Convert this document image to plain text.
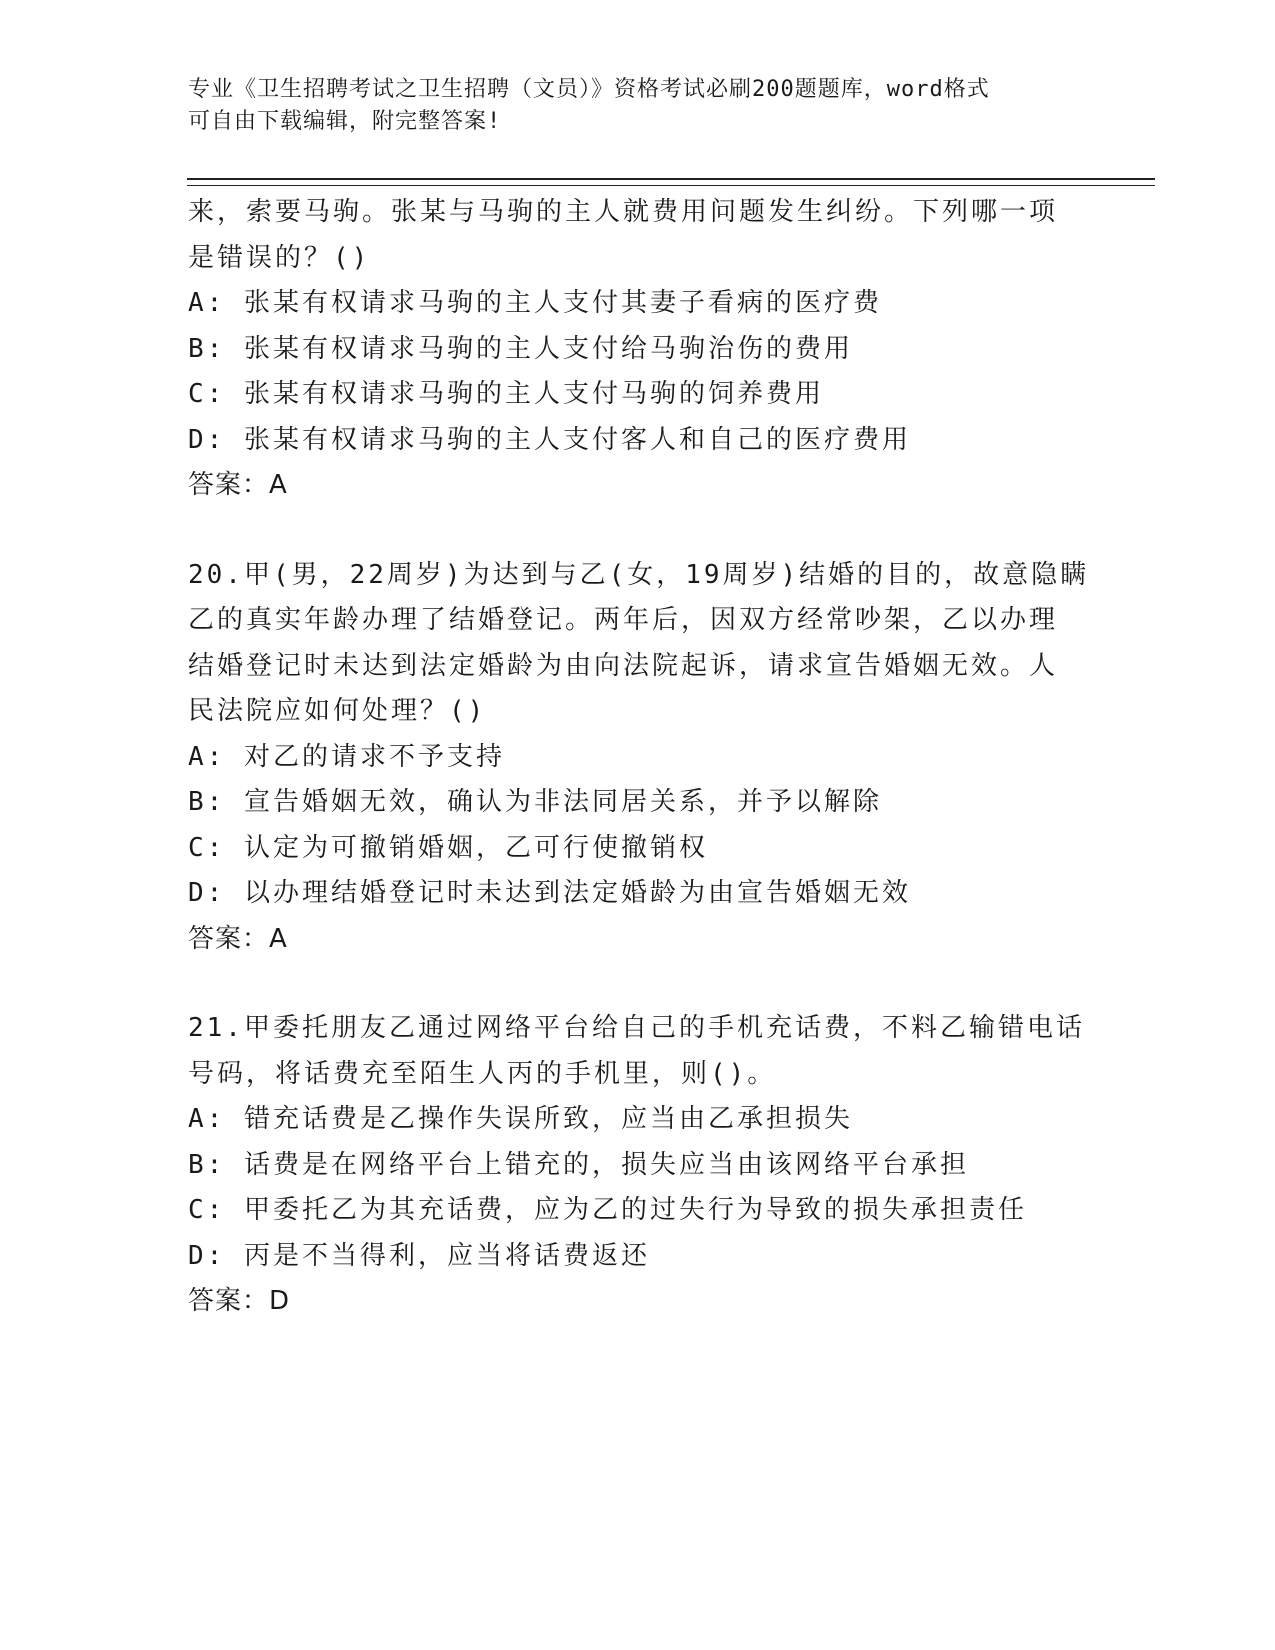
专业《卫生招聘考试之卫生招聘（文员）》资格考试必刷200题题库，word格式
可自由下载编辑，附完整答案!
来，索要马驹。张某与马驹的主人就费用问题发生纠纷。下列哪一项
是错误的？()
A: 张某有权请求马驹的主人支付其妻子看病的医疗费
B: 张某有权请求马驹的主人支付给马驹治伤的费用
C: 张某有权请求马驹的主人支付马驹的饲养费用
D: 张某有权请求马驹的主人支付客人和自己的医疗费用
答案：A
20.甲(男，22周岁)为达到与乙(女，19周岁)结婚的目的，故意隐瞒
乙的真实年龄办理了结婚登记。两年后，因双方经常吵架，乙以办理
结婚登记时未达到法定婚龄为由向法院起诉，请求宣告婚姻无效。人
民法院应如何处理？()
A: 对乙的请求不予支持
B: 宣告婚姻无效，确认为非法同居关系，并予以解除
C: 认定为可撤销婚姻，乙可行使撤销权
D: 以办理结婚登记时未达到法定婚龄为由宣告婚姻无效
答案：A
21.甲委托朋友乙通过网络平台给自己的手机充话费，不料乙输错电话
号码，将话费充至陌生人丙的手机里，则()。
A: 错充话费是乙操作失误所致，应当由乙承担损失
B: 话费是在网络平台上错充的，损失应当由该网络平台承担
C: 甲委托乙为其充话费，应为乙的过失行为导致的损失承担责任
D: 丙是不当得利，应当将话费返还
答案：D
